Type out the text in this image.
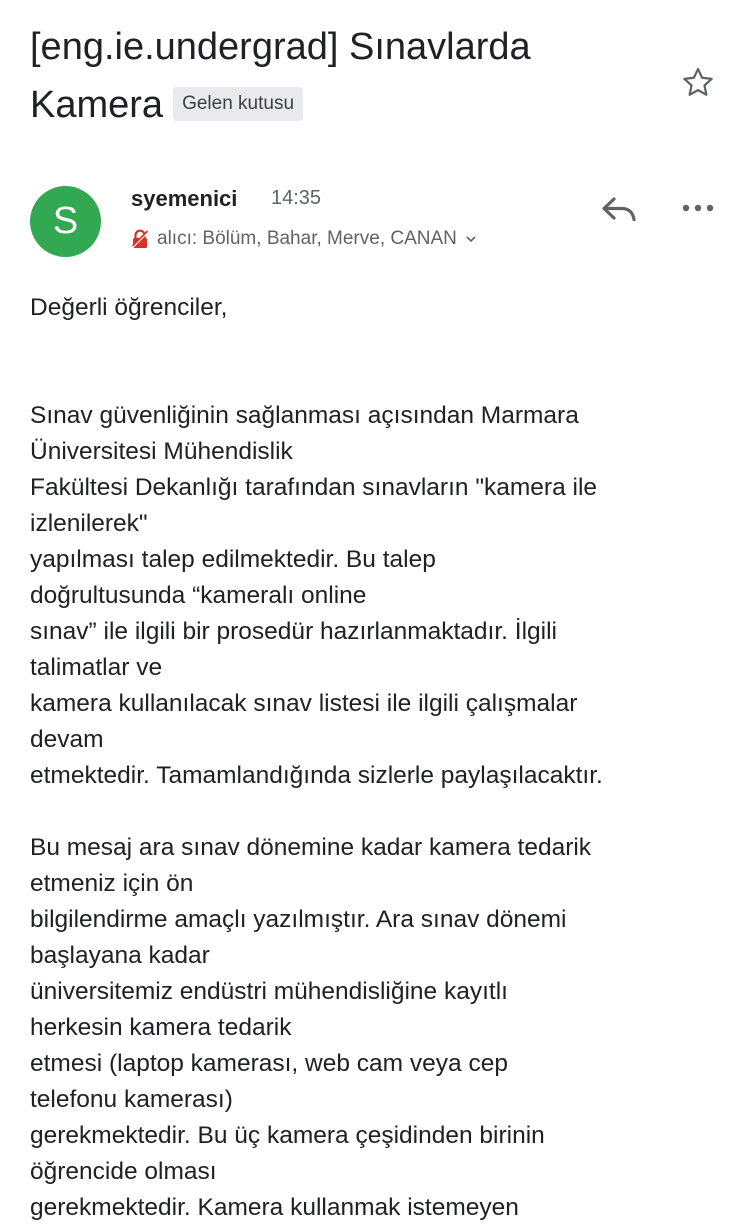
[eng.ie.undergrad] Sınavlarda Kamera Gelen kutusu
S
syemenici 14:35
alıcı: Bölüm, Bahar, Merve, CANAN
Değerli öğrenciler,
Sınav güvenliğinin sağlanması açısından Marmara
Üniversitesi Mühendislik
Fakültesi Dekanlığı tarafından sınavların "kamera ile
izlenilerek"
yapılması talep edilmektedir. Bu talep
doğrultusunda “kameralı online
sınav” ile ilgili bir prosedür hazırlanmaktadır. İlgili
talimatlar ve
kamera kullanılacak sınav listesi ile ilgili çalışmalar
devam
etmektedir. Tamamlandığında sizlerle paylaşılacaktır.
Bu mesaj ara sınav dönemine kadar kamera tedarik
etmeniz için ön
bilgilendirme amaçlı yazılmıştır. Ara sınav dönemi
başlayana kadar
üniversitemiz endüstri mühendisliğine kayıtlı
herkesin kamera tedarik
etmesi (laptop kamerası, web cam veya cep
telefonu kamerası)
gerekmektedir. Bu üç kamera çeşidinden birinin
öğrencide olması
gerekmektedir. Kamera kullanmak istemeyen
